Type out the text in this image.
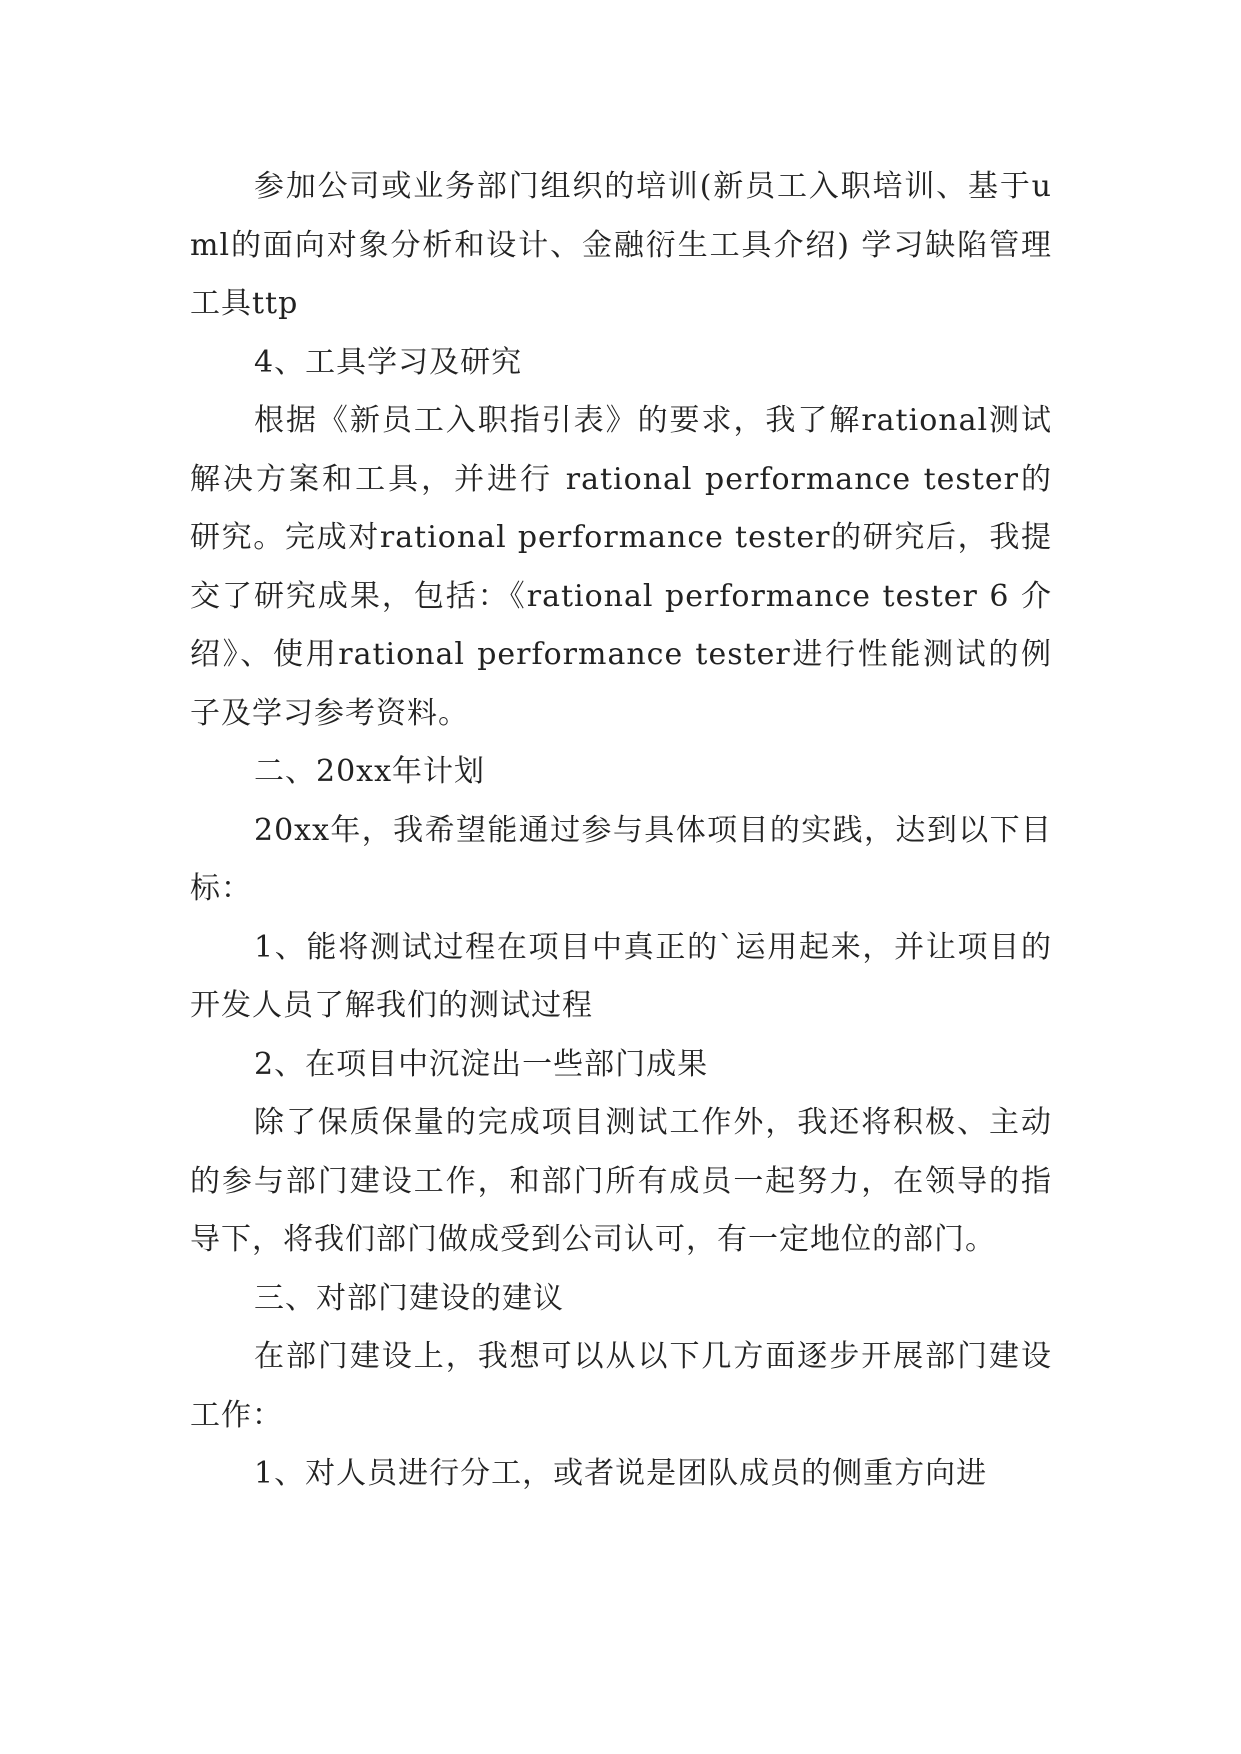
参加公司或业务部门组织的培训(新员工入职培训、基于uml的面向对象分析和设计、金融衍生工具介绍) 学习缺陷管理工具ttp

4、工具学习及研究

根据《新员工入职指引表》的要求，我了解rational测试解决方案和工具，并进行 rational performance tester的研究。完成对rational performance tester的研究后，我提交了研究成果，包括：《rational performance tester 6 介绍》、使用rational performance tester进行性能测试的例子及学习参考资料。

二、20xx年计划

20xx年，我希望能通过参与具体项目的实践，达到以下目标：

1、能将测试过程在项目中真正的`运用起来，并让项目的开发人员了解我们的测试过程

2、在项目中沉淀出一些部门成果

除了保质保量的完成项目测试工作外，我还将积极、主动的参与部门建设工作，和部门所有成员一起努力，在领导的指导下，将我们部门做成受到公司认可，有一定地位的部门。

三、对部门建设的建议

在部门建设上，我想可以从以下几方面逐步开展部门建设工作：

1、对人员进行分工，或者说是团队成员的侧重方向进
